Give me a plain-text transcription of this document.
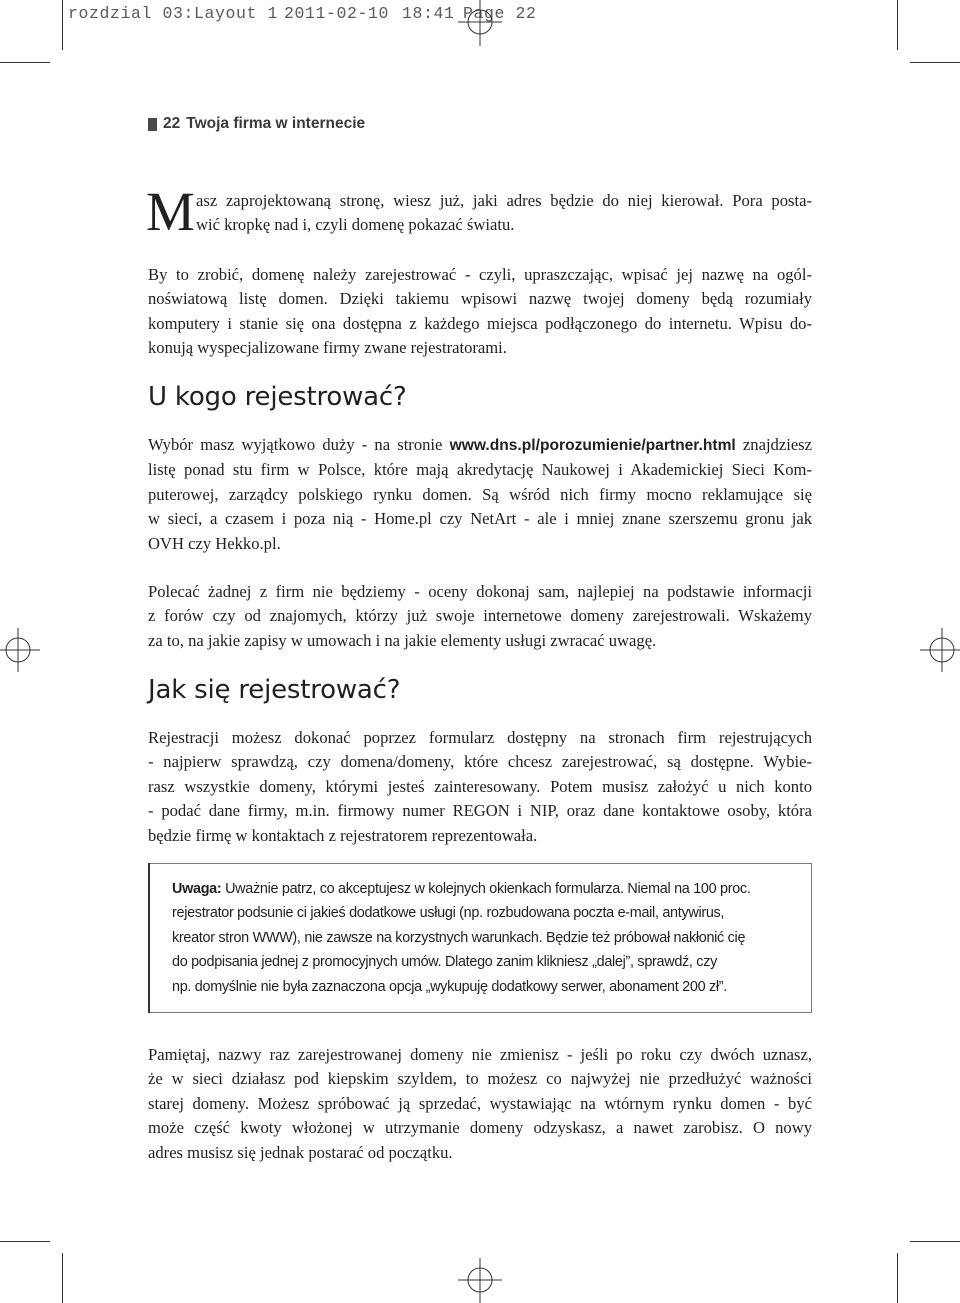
rozdzial 03:Layout 1

2011-02-10

18:41

Page 22

22 Twoja firma w internecie
M asz zaprojektowaną stronę, wiesz już, jaki adres będzie do niej kierował. Pora posta-
wić kropkę nad i, czyli domenę pokazać światu.
By to zrobić, domenę należy zarejestrować - czyli, upraszczając, wpisać jej nazwę na ogól-
noświatową listę domen. Dzięki takiemu wpisowi nazwę twojej domeny będą rozumiały
komputery i stanie się ona dostępna z każdego miejsca podłączonego do internetu. Wpisu do-
konują wyspecjalizowane firmy zwane rejestratorami.
U kogo rejestrować?
Wybór masz wyjątkowo duży - na stronie www.dns.pl/porozumienie/partner.html znajdziesz
listę ponad stu firm w Polsce, które mają akredytację Naukowej i Akademickiej Sieci Kom-
puterowej, zarządcy polskiego rynku domen. Są wśród nich firmy mocno reklamujące się
w sieci, a czasem i poza nią - Home.pl czy NetArt - ale i mniej znane szerszemu gronu jak
OVH czy Hekko.pl.
Polecać żadnej z firm nie będziemy - oceny dokonaj sam, najlepiej na podstawie informacji
z forów czy od znajomych, którzy już swoje internetowe domeny zarejestrowali. Wskażemy
za to, na jakie zapisy w umowach i na jakie elementy usługi zwracać uwagę.
Jak się rejestrować?
Rejestracji możesz dokonać poprzez formularz dostępny na stronach firm rejestrujących
- najpierw sprawdzą, czy domena/domeny, które chcesz zarejestrować, są dostępne. Wybie-
rasz wszystkie domeny, którymi jesteś zainteresowany. Potem musisz założyć u nich konto
- podać dane firmy, m.in. firmowy numer REGON i NIP, oraz dane kontaktowe osoby, która
będzie firmę w kontaktach z rejestratorem reprezentowała.
Uwaga: Uważnie patrz, co akceptujesz w kolejnych okienkach formularza. Niemal na 100 proc.
rejestrator podsunie ci jakieś dodatkowe usługi (np. rozbudowana poczta e-mail, antywirus,
kreator stron WWW), nie zawsze na korzystnych warunkach. Będzie też próbował nakłonić cię
do podpisania jednej z promocyjnych umów. Dlatego zanim klikniesz „dalej”, sprawdź, czy
np. domyślnie nie była zaznaczona opcja „wykupuję dodatkowy serwer, abonament 200 zł”.
Pamiętaj, nazwy raz zarejestrowanej domeny nie zmienisz - jeśli po roku czy dwóch uznasz,
że w sieci działasz pod kiepskim szyldem, to możesz co najwyżej nie przedłużyć ważności
starej domeny. Możesz spróbować ją sprzedać, wystawiając na wtórnym rynku domen - być
może część kwoty włożonej w utrzymanie domeny odzyskasz, a nawet zarobisz. O nowy
adres musisz się jednak postarać od początku.
